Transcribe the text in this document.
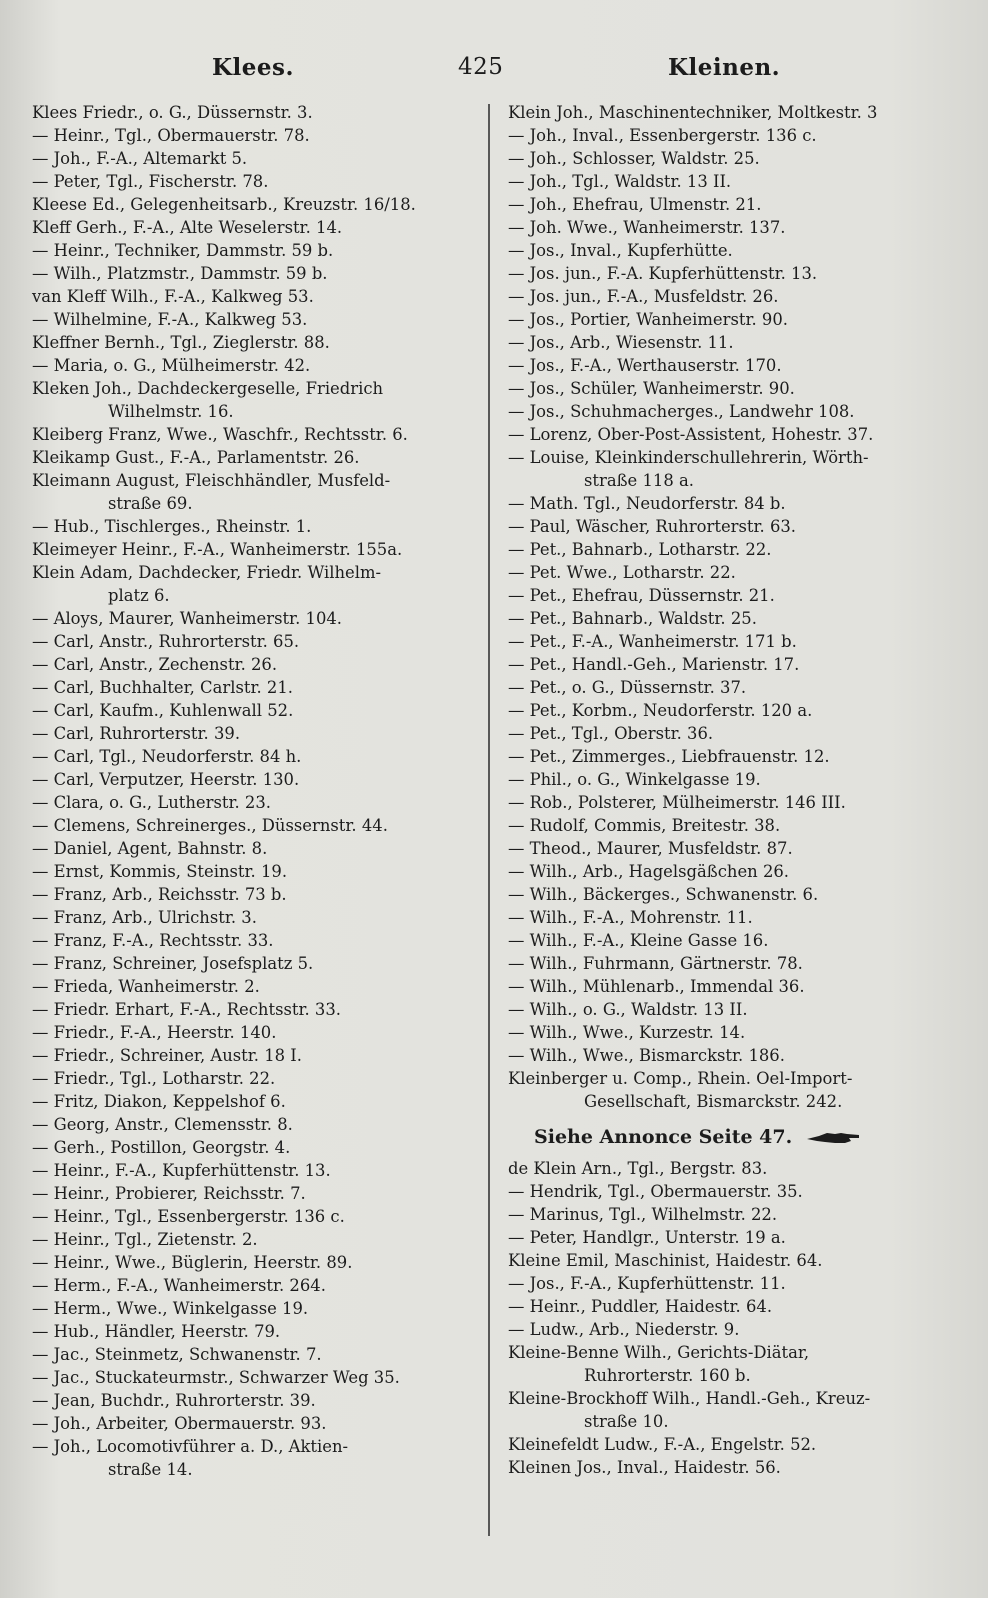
Klees.	425	Kleinen.
Klees Friedr., o. G., Düssernstr. 3.
— Heinr., Tgl., Obermauerstr. 78.
— Joh., F.-A., Altemarkt 5.
— Peter, Tgl., Fischerstr. 78.
Kleese Ed., Gelegenheitsarb., Kreuzstr. 16/18.
Kleff Gerh., F.-A., Alte Weselerstr. 14.
— Heinr., Techniker, Dammstr. 59 b.
— Wilh., Platzmstr., Dammstr. 59 b.
van Kleff Wilh., F.-A., Kalkweg 53.
— Wilhelmine, F.-A., Kalkweg 53.
Kleffner Bernh., Tgl., Zieglerstr. 88.
— Maria, o. G., Mülheimerstr. 42.
Kleken Joh., Dachdeckergeselle, Friedrich
Wilhelmstr. 16.
Kleiberg Franz, Wwe., Waschfr., Rechtsstr. 6.
Kleikamp Gust., F.-A., Parlamentstr. 26.
Kleimann August, Fleischhändler, Musfeld-
straße 69.
— Hub., Tischlerges., Rheinstr. 1.
Kleimeyer Heinr., F.-A., Wanheimerstr. 155a.
Klein Adam, Dachdecker, Friedr. Wilhelm-
platz 6.
— Aloys, Maurer, Wanheimerstr. 104.
— Carl, Anstr., Ruhrorterstr. 65.
— Carl, Anstr., Zechenstr. 26.
— Carl, Buchhalter, Carlstr. 21.
— Carl, Kaufm., Kuhlenwall 52.
— Carl, Ruhrorterstr. 39.
— Carl, Tgl., Neudorferstr. 84 h.
— Carl, Verputzer, Heerstr. 130.
— Clara, o. G., Lutherstr. 23.
— Clemens, Schreinerges., Düssernstr. 44.
— Daniel, Agent, Bahnstr. 8.
— Ernst, Kommis, Steinstr. 19.
— Franz, Arb., Reichsstr. 73 b.
— Franz, Arb., Ulrichstr. 3.
— Franz, F.-A., Rechtsstr. 33.
— Franz, Schreiner, Josefsplatz 5.
— Frieda, Wanheimerstr. 2.
— Friedr. Erhart, F.-A., Rechtsstr. 33.
— Friedr., F.-A., Heerstr. 140.
— Friedr., Schreiner, Austr. 18 I.
— Friedr., Tgl., Lotharstr. 22.
— Fritz, Diakon, Keppelshof 6.
— Georg, Anstr., Clemensstr. 8.
— Gerh., Postillon, Georgstr. 4.
— Heinr., F.-A., Kupferhüttenstr. 13.
— Heinr., Probierer, Reichsstr. 7.
— Heinr., Tgl., Essenbergerstr. 136 c.
— Heinr., Tgl., Zietenstr. 2.
— Heinr., Wwe., Büglerin, Heerstr. 89.
— Herm., F.-A., Wanheimerstr. 264.
— Herm., Wwe., Winkelgasse 19.
— Hub., Händler, Heerstr. 79.
— Jac., Steinmetz, Schwanenstr. 7.
— Jac., Stuckateurmstr., Schwarzer Weg 35.
— Jean, Buchdr., Ruhrorterstr. 39.
— Joh., Arbeiter, Obermauerstr. 93.
— Joh., Locomotivführer a. D., Aktien-
straße 14.
Klein Joh., Maschinentechniker, Moltkestr. 3
— Joh., Inval., Essenbergerstr. 136 c.
— Joh., Schlosser, Waldstr. 25.
— Joh., Tgl., Waldstr. 13 II.
— Joh., Ehefrau, Ulmenstr. 21.
— Joh. Wwe., Wanheimerstr. 137.
— Jos., Inval., Kupferhütte.
— Jos. jun., F.-A. Kupferhüttenstr. 13.
— Jos. jun., F.-A., Musfeldstr. 26.
— Jos., Portier, Wanheimerstr. 90.
— Jos., Arb., Wiesenstr. 11.
— Jos., F.-A., Werthauserstr. 170.
— Jos., Schüler, Wanheimerstr. 90.
— Jos., Schuhmacherges., Landwehr 108.
— Lorenz, Ober-Post-Assistent, Hohestr. 37.
— Louise, Kleinkinderschullehrerin, Wörth-
straße 118 a.
— Math. Tgl., Neudorferstr. 84 b.
— Paul, Wäscher, Ruhrorterstr. 63.
— Pet., Bahnarb., Lotharstr. 22.
— Pet. Wwe., Lotharstr. 22.
— Pet., Ehefrau, Düssernstr. 21.
— Pet., Bahnarb., Waldstr. 25.
— Pet., F.-A., Wanheimerstr. 171 b.
— Pet., Handl.-Geh., Marienstr. 17.
— Pet., o. G., Düssernstr. 37.
— Pet., Korbm., Neudorferstr. 120 a.
— Pet., Tgl., Oberstr. 36.
— Pet., Zimmerges., Liebfrauenstr. 12.
— Phil., o. G., Winkelgasse 19.
— Rob., Polsterer, Mülheimerstr. 146 III.
— Rudolf, Commis, Breitestr. 38.
— Theod., Maurer, Musfeldstr. 87.
— Wilh., Arb., Hagelsgäßchen 26.
— Wilh., Bäckerges., Schwanenstr. 6.
— Wilh., F.-A., Mohrenstr. 11.
— Wilh., F.-A., Kleine Gasse 16.
— Wilh., Fuhrmann, Gärtnerstr. 78.
— Wilh., Mühlenarb., Immendal 36.
— Wilh., o. G., Waldstr. 13 II.
— Wilh., Wwe., Kurzestr. 14.
— Wilh., Wwe., Bismarckstr. 186.
Kleinberger u. Comp., Rhein. Oel-Import-
Gesellschaft, Bismarckstr. 242.
Siehe Annonce Seite 47.
de Klein Arn., Tgl., Bergstr. 83.
— Hendrik, Tgl., Obermauerstr. 35.
— Marinus, Tgl., Wilhelmstr. 22.
— Peter, Handlgr., Unterstr. 19 a.
Kleine Emil, Maschinist, Haidestr. 64.
— Jos., F.-A., Kupferhüttenstr. 11.
— Heinr., Puddler, Haidestr. 64.
— Ludw., Arb., Niederstr. 9.
Kleine-Benne Wilh., Gerichts-Diätar,
Ruhrorterstr. 160 b.
Kleine-Brockhoff Wilh., Handl.-Geh., Kreuz-
straße 10.
Kleinefeldt Ludw., F.-A., Engelstr. 52.
Kleinen Jos., Inval., Haidestr. 56.
